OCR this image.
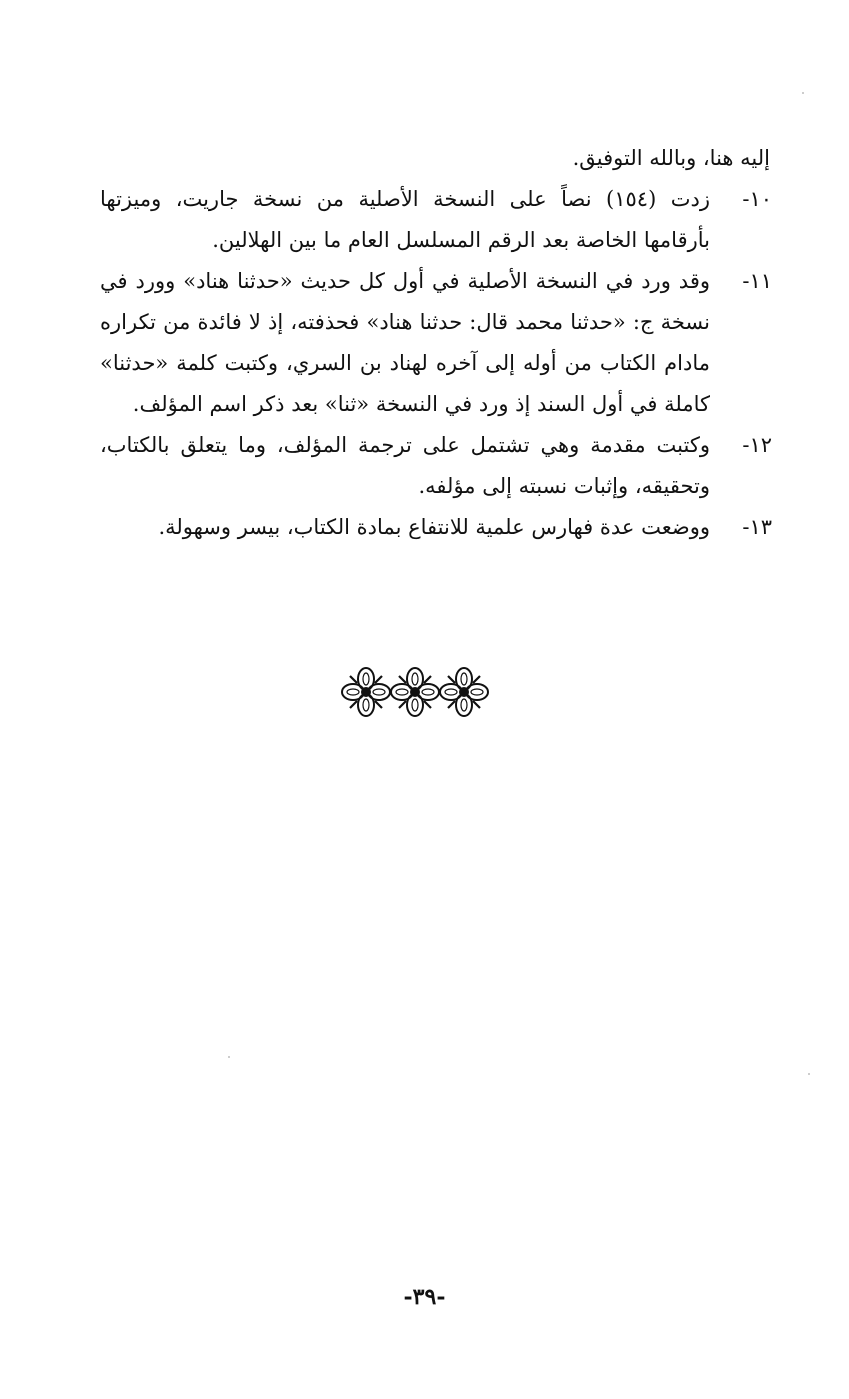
إليه هنا، وبالله التوفيق.
١٠-
زدت (١٥٤) نصاً على النسخة الأصلية من نسخة جاريت، وميزتها بأرقامها الخاصة بعد الرقم المسلسل العام ما بين الهلالين.
١١-
وقد ورد في النسخة الأصلية في أول كل حديث «حدثنا هناد» وورد في نسخة ج: «حدثنا محمد قال: حدثنا هناد» فحذفته، إذ لا فائدة من تكراره مادام الكتاب من أوله إلى آخره لهناد بن السري، وكتبت كلمة «حدثنا» كاملة في أول السند إذ ورد في النسخة «ثنا» بعد ذكر اسم المؤلف.
١٢-
وكتبت مقدمة وهي تشتمل على ترجمة المؤلف، وما يتعلق بالكتاب، وتحقيقه، وإثبات نسبته إلى مؤلفه.
١٣-
ووضعت عدة فهارس علمية للانتفاع بمادة الكتاب، بيسر وسهولة.
-٣٩-
